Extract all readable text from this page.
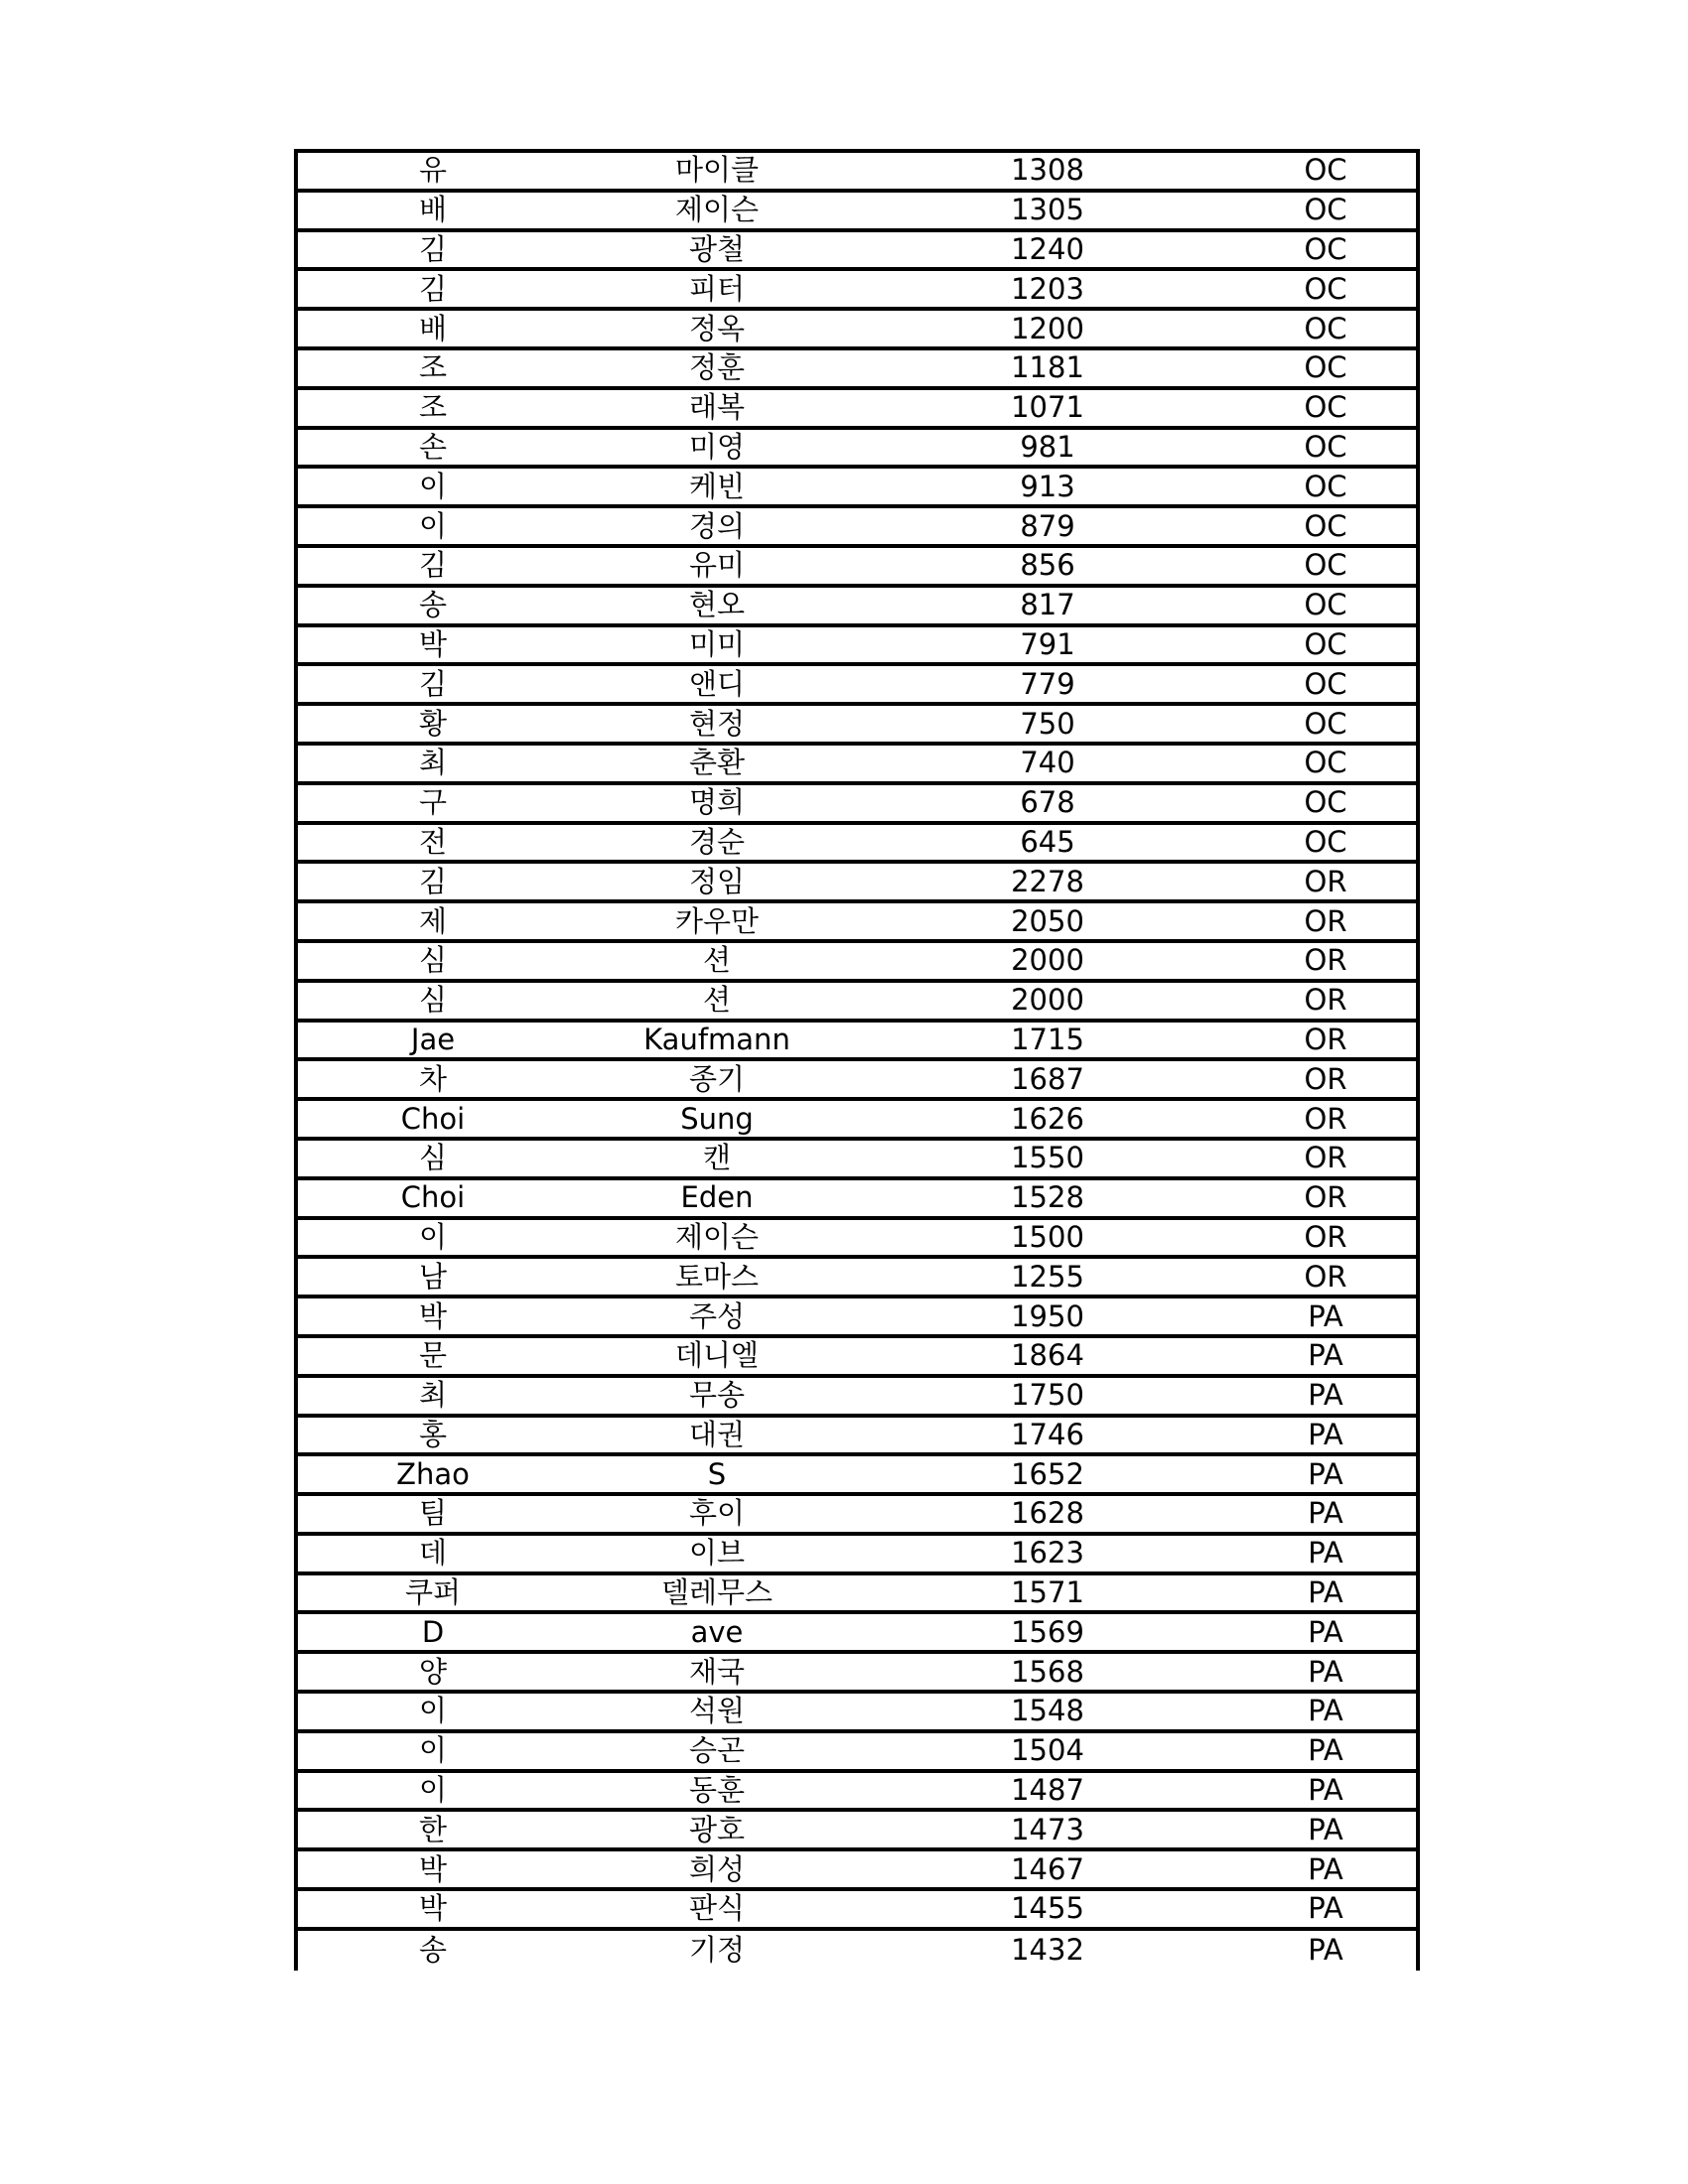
유	마이클	1308	OC
배	제이슨	1305	OC
김	광철	1240	OC
김	피터	1203	OC
배	정옥	1200	OC
조	정훈	1181	OC
조	래복	1071	OC
손	미영	981	OC
이	케빈	913	OC
이	경의	879	OC
김	유미	856	OC
송	현오	817	OC
박	미미	791	OC
김	앤디	779	OC
황	현정	750	OC
최	춘환	740	OC
구	명희	678	OC
전	경순	645	OC
김	정임	2278	OR
제	카우만	2050	OR
심	션	2000	OR
심	션	2000	OR
Jae	Kaufmann	1715	OR
차	종기	1687	OR
Choi	Sung	1626	OR
심	캔	1550	OR
Choi	Eden	1528	OR
이	제이슨	1500	OR
남	토마스	1255	OR
박	주성	1950	PA
문	데니엘	1864	PA
최	무송	1750	PA
홍	대권	1746	PA
Zhao	S	1652	PA
팀	후이	1628	PA
데	이브	1623	PA
쿠퍼	델레무스	1571	PA
D	ave	1569	PA
양	재국	1568	PA
이	석원	1548	PA
이	승곤	1504	PA
이	동훈	1487	PA
한	광호	1473	PA
박	희성	1467	PA
박	판식	1455	PA
송	기정	1432	PA
